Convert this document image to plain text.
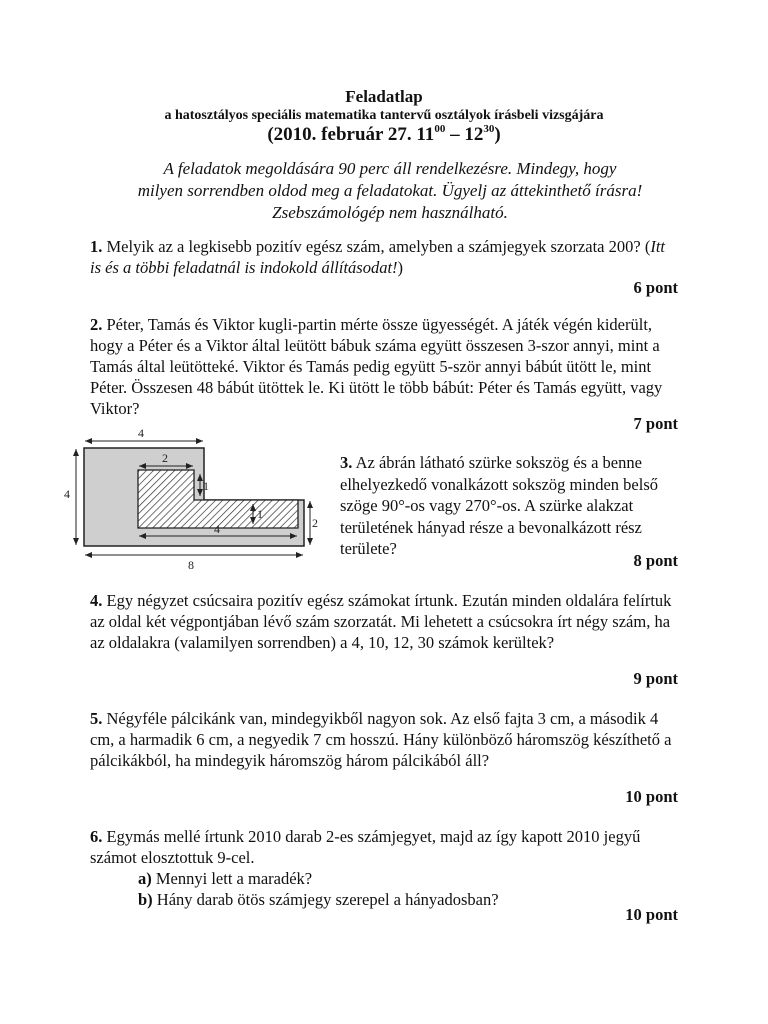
Feladatlap
a hatosztályos speciális matematika tantervű osztályok írásbeli vizsgájára
(2010. február 27. $11^{00} - 12^{30}$)
A feladatok megoldására 90 perc áll rendelkezésre. Mindegy, hogy
milyen sorrendben oldod meg a feladatokat. Ügyelj az áttekinthető írásra!
Zsebszámológép nem használható.
1. Melyik az a legkisebb pozitív egész szám, amelyben a számjegyek szorzata 200? (Itt is és a többi feladatnál is indokold állításodat!)
6 pont
2. Péter, Tamás és Viktor kugli-partin mérte össze ügyességét. A játék végén kiderült, hogy a Péter és a Viktor által leütött bábuk száma együtt összesen 3-szor annyi, mint a Tamás által leütötteké. Viktor és Tamás pedig együtt 5-ször annyi bábút ütött le, mint Péter. Összesen 48 bábút ütöttek le. Ki ütött le több bábút: Péter és Tamás együtt, vagy Viktor?
7 pont
4
2
4
1
1
2
4
8
3. Az ábrán látható szürke sokszög és a benne elhelyezkedő vonalkázott sokszög minden belső szöge 90°-os vagy 270°-os. A szürke alakzat területének hányad része a bevonalkázott rész területe?
8 pont
4. Egy négyzet csúcsaira pozitív egész számokat írtunk. Ezután minden oldalára felírtuk az oldal két végpontjában lévő szám szorzatát. Mi lehetett a csúcsokra írt négy szám, ha az oldalakra (valamilyen sorrendben) a 4, 10, 12, 30 számok kerültek?
9 pont
5. Négyféle pálcikánk van, mindegyikből nagyon sok. Az első fajta 3 cm, a második 4 cm, a harmadik 6 cm, a negyedik 7 cm hosszú. Hány különböző háromszög készíthető a pálcikákból, ha mindegyik háromszög három pálcikából áll?
10 pont
6. Egymás mellé írtunk 2010 darab 2-es számjegyet, majd az így kapott 2010 jegyű számot elosztottuk 9-cel.
a) Mennyi lett a maradék?
b) Hány darab ötös számjegy szerepel a hányadosban?
10 pont
